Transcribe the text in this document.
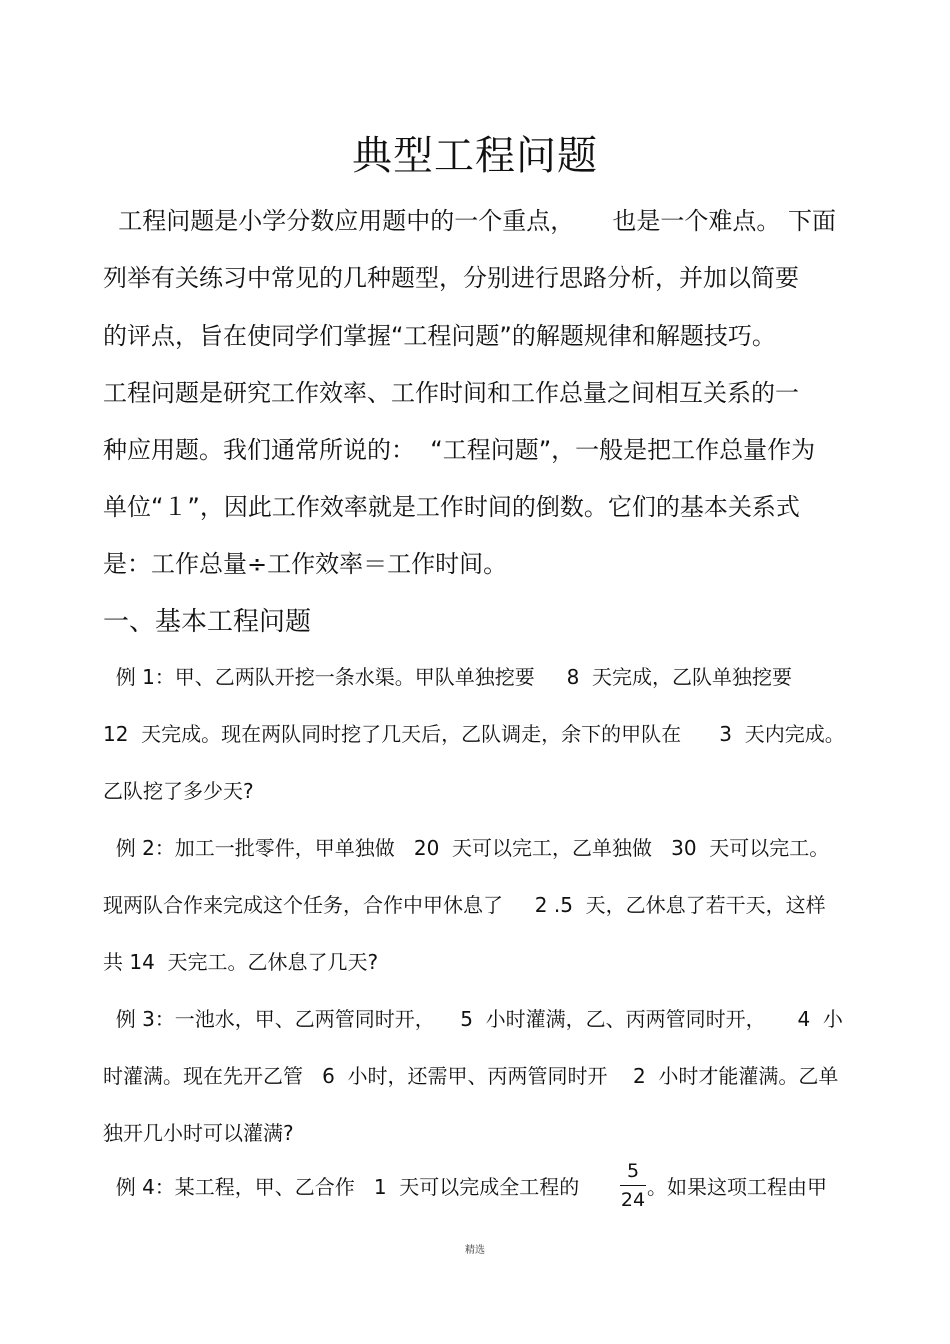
典型工程问题
工程问题是小学分数应用题中的一个重点，     也是一个难点。 下面
列举有关练习中常见的几种题型，分别进行思路分析，并加以简要
的评点，旨在使同学们掌握“工程问题”的解题规律和解题技巧。
工程问题是研究工作效率、工作时间和工作总量之间相互关系的一
种应用题。我们通常所说的：  “工程问题”，一般是把工作总量作为
单位“１”，因此工作效率就是工作时间的倒数。它们的基本关系式
是：工作总量÷工作效率＝工作时间。
一、基本工程问题
例 1：甲、乙两队开挖一条水渠。甲队单独挖要     8  天完成，乙队单独挖要
12  天完成。现在两队同时挖了几天后，乙队调走，余下的甲队在      3  天内完成。
乙队挖了多少天?
例 2：加工一批零件，甲单独做   20  天可以完工，乙单独做   30  天可以完工。
现两队合作来完成这个任务，合作中甲休息了     2 .5  天，乙休息了若干天，这样
共 14  天完工。乙休息了几天?
例 3：一池水，甲、乙两管同时开，    5  小时灌满，乙、丙两管同时开，     4  小
时灌满。现在先开乙管   6  小时，还需甲、丙两管同时开    2  小时才能灌满。乙单
独开几小时可以灌满?
例 4：某工程，甲、乙合作   1  天可以完成全工程的
5
24
。如果这项工程由甲
精选
